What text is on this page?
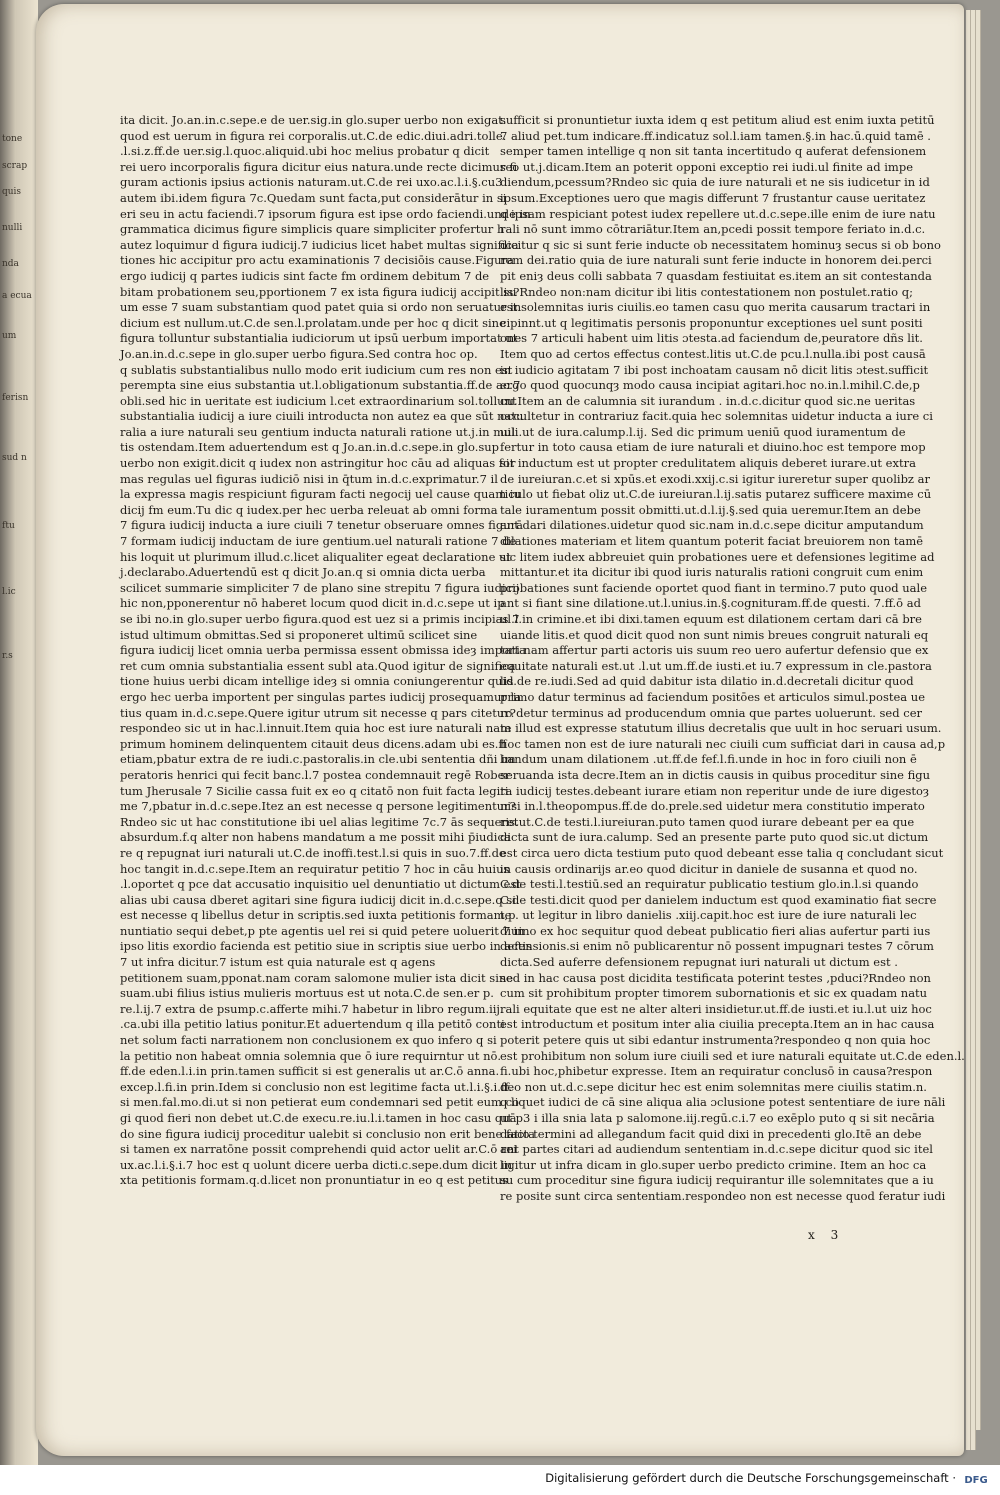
tone
scrap
quis
nulli
nda
a ecua
um
ferisn
sud n
ftu
l.ic
r.s

ita dicit. Jo.an.in.c.sepe.e de uer.sig.in glo.super uerbo non exigat.

quod est uerum in figura rei corporalis.ut.C.de edic.diui.adri.tolle.

.l.si.z.ff.de uer.sig.l.quoc.aliquid.ubi hoc melius probatur q dicit

rei uero incorporalis figura dicitur eius natura.unde recte dicimus fi

guram actionis ipsius actionis naturam.ut.C.de rei uxo.ac.l.i.§.cu3

autem ibi.idem figura 7c.Quedam sunt facta,put considerātur in si

eri seu in actu faciendi.7 ipsorum figura est ipse ordo faciendi.unde in

grammatica dicimus figure simplicis quare simpliciter profertur h

autez loquimur d figura iudicij.7 iudicius licet habet multas significa

tiones hic accipitur pro actu examinationis 7 decisiōis cause.Figura

ergo iudicij q partes iudicis sint facte fm ordinem debitum 7 de

bitam probationem seu,pportionem 7 ex ista figura iudicij accipit su

um esse 7 suam substantiam quod patet quia si ordo non seruatur in

dicium est nullum.ut.C.de sen.l.prolatam.unde per hoc q dicit sine

figura tolluntur substantialia iudiciorum ut ipsū uerbum importat ut

Jo.an.in.d.c.sepe in glo.super uerbo figura.Sed contra hoc op.

q sublatis substantialibus nullo modo erit iudicium cum res non est

perempta sine eius substantia ut.l.obligationum substantia.ff.de ac.7

obli.sed hic in ueritate est iudicium l.cet extraordinarium sol.tollunt

substantialia iudicij a iure ciuili introducta non autez ea que sūt natu

ralia a iure naturali seu gentium inducta naturali ratione ut.j.in mul

tis ostendam.Item aduertendum est q Jo.an.in.d.c.sepe.in glo.sup

uerbo non exigit.dicit q iudex non astringitur hoc cāu ad aliquas for

mas regulas uel figuras iudiciō nisi in q̄tum in.d.c.exprimatur.7 il

la expressa magis respiciunt figuram facti negocij uel cause quam iu

dicij fm eum.Tu dic q iudex.per hec uerba releuat ab omni forma

7 figura iudicij inducta a iure ciuili 7 tenetur obseruare omnes figurā

7 formam iudicij inductam de iure gentium.uel naturali ratione 7 de

his loquit ut plurimum illud.c.licet aliqualiter egeat declaratione ut

j.declarabo.Aduertendū est q dicit Jo.an.q si omnia dicta uerba

scilicet summarie simpliciter 7 de plano sine strepitu 7 figura iudicij

hic non,pponerentur nō haberet locum quod dicit in.d.c.sepe ut ip

se ibi no.in glo.super uerbo figura.quod est uez si a primis incipias 7

istud ultimum obmittas.Sed si proponeret ultimū scilicet sine

figura iudicij licet omnia uerba permissa essent obmissa ideȝ importa

ret cum omnia substantialia essent subl ata.Quod igitur de significa

tione huius uerbi dicam intellige ideȝ si omnia coniungerentur quid

ergo hec uerba importent per singulas partes iudicij prosequamur la

tius quam in.d.c.sepe.Quere igitur utrum sit necesse q pars citetur?

respondeo sic ut in hac.l.innuit.Item quia hoc est iure naturali nam

primum hominem delinquentem citauit deus dicens.adam ubi es.ff

etiam,pbatur extra de re iudi.c.pastoralis.in cle.ubi sententia dñi im

peratoris henrici qui fecit banc.l.7 postea condemnauit regē Rober

tum Jherusale 7 Sicilie cassa fuit ex eo q citatō non fuit facta legiti

me 7,pbatur in.d.c.sepe.Itez an est necesse q persone legitimentur?

Rndeo sic ut hac constitutione ibi uel alias legitime 7c.7 ās sequeret

absurdum.f.q alter non habens mandatum a me possit mihi p̄iudica

re q repugnat iuri naturali ut.C.de inoffi.test.l.si quis in suo.7.ff.de

hoc tangit in.d.c.sepe.Item an requiratur petitio 7 hoc in cāu huius

.l.oportet q pce dat accusatio inquisitio uel denuntiatio ut dictum est

alias ubi causa dberet agitari sine figura iudicij dicit in.d.c.sepe.q si

est necesse q libellus detur in scriptis.sed iuxta petitionis formam,p

nuntiatio sequi debet,p pte agentis uel rei si quid petere uoluerit 7 in

ipso litis exordio facienda est petitio siue in scriptis siue uerbo in actis

7 ut infra dicitur.7 istum est quia naturale est q agens

petitionem suam,pponat.nam coram salomone mulier ista dicit sine

suam.ubi filius istius mulieris mortuus est ut nota.C.de sen.er p.

re.l.ij.7 extra de psump.c.afferte mihi.7 habetur in libro regum.iij.

.ca.ubi illa petitio latius ponitur.Et aduertendum q illa petitō conti

net solum facti narrationem non conclusionem ex quo infero q si

la petitio non habeat omnia solemnia que ō iure requirntur ut nō.

ff.de eden.l.i.in prin.tamen sufficit si est generalis ut ar.C.ō anna.

excep.l.fi.in prin.Idem si conclusio non est legitime facta ut.l.i.§.i.ff.

si men.fal.mo.di.ut si non petierat eum condemnari sed petit eum co

gi quod fieri non debet ut.C.de execu.re.iu.l.i.tamen in hoc casu quā

do sine figura iudicij proceditur ualebit si conclusio non erit bene facta

si tamen ex narratōne possit comprehendi quid actor uelit ar.C.ō rei

ux.ac.l.i.§.i.7 hoc est q uolunt dicere uerba dicti.c.sepe.dum dicit in

xta petitionis formam.q.d.licet non pronuntiatur in eo q est petitus

sufficit si pronuntietur iuxta idem q est petitum aliud est enim iuxta petitū

7 aliud pet.tum indicare.ff.indicatuz sol.l.iam tamen.§.in hac.ū.quid tamē .

semper tamen intellige q non sit tanta incertitudo q auferat defensionem

reo ut.j.dicam.Item an poterit opponi exceptio rei iudi.ul finite ad impe

diendum,pcessum?Rndeo sic quia de iure naturali et ne sis iudicetur in id

ipsum.Exceptiones uero que magis differunt 7 frustantur cause ueritatez

q ipsam respiciant potest iudex repellere ut.d.c.sepe.ille enim de iure natu

rali nō sunt immo cōtrariātur.Item an,pcedi possit tempore feriato in.d.c.

dicitur q sic si sunt ferie inducte ob necessitatem hominuȝ secus si ob bono

rem dei.ratio quia de iure naturali sunt ferie inducte in honorem dei.perci

pit eniȝ deus colli sabbata 7 quasdam festiuitat es.item an sit contestanda

lis?Rndeo non:nam dicitur ibi litis contestationem non postulet.ratio q;

est solemnitas iuris ciuilis.eo tamen casu quo merita causarum tractari in

cipinnt.ut q legitimatis personis proponuntur exceptiones uel sunt positi

ones 7 articuli habent uim litis ɔtesta.ad faciendum de,peuratore dñs lit.

Item quo ad certos effectus contest.litis ut.C.de pcu.l.nulla.ibi post causā

in iudicio agitatam 7 ibi post inchoatam causam nō dicit litis ɔtest.sufficit

ergo quod quocunqȝ modo causa incipiat agitari.hoc no.in.l.mihil.C.de,p

cu.Item an de calumnia sit iurandum . in.d.c.dicitur quod sic.ne ueritas

occultetur in contrariuz facit.quia hec solemnitas uidetur inducta a iure ci

uili.ut de iura.calump.l.ij. Sed dic primum ueniū quod iuramentum de

fertur in toto causa etiam de iure naturali et diuino.hoc est tempore mop

sit inductum est ut propter credulitatem aliquis deberet iurare.ut extra

de iureiuran.c.et si xpūs.et exodi.xxij.c.si igitur iureretur super quolibz ar

ticulo ut fiebat oliz ut.C.de iureiuran.l.ij.satis putarez sufficere maxime cū

tale iuramentum possit obmitti.ut.d.l.ij.§.sed quia ueremur.Item an debe

ant dari dilationes.uidetur quod sic.nam in.d.c.sepe dicitur amputandum

dilationes materiam et litem quantum poterit faciat breuiorem non tamē

sic litem iudex abbreuiet quin probationes uere et defensiones legitime ad

mittantur.et ita dicitur ibi quod iuris naturalis rationi congruit cum enim

probationes sunt faciende oportet quod fiant in termino.7 puto quod uale

ant si fiant sine dilatione.ut.l.unius.in.§.cognituram.ff.de questi. 7.ff.ō ad

ul.l.in crimine.et ibi dixi.tamen equum est dilationem certam dari cā bre

uiande litis.et quod dicit quod non sunt nimis breues congruit naturali eq

tati nam affertur parti actoris uis suum reo uero aufertur defensio que ex

equitate naturali est.ut .l.ut um.ff.de iusti.et iu.7 expressum in cle.pastora

lis.de re.iudi.Sed ad quid dabitur ista dilatio in.d.decretali dicitur quod

primo datur terminus ad faciendum positōes et articulos simul.postea ue

ro detur terminus ad producendum omnia que partes uoluerunt. sed cer

te illud est expresse statutum illius decretalis que uult in hoc seruari usum.

hoc tamen non est de iure naturali nec ciuili cum sufficiat dari in causa ad,p

bandum unam dilationem .ut.ff.de fef.l.fi.unde in hoc in foro ciuili non ē

seruanda ista decre.Item an in dictis causis in quibus proceditur sine figu

ra iudicij testes.debeant iurare etiam non reperitur unde de iure digestoȝ

nisi in.l.theopompus.ff.de do.prele.sed uidetur mera constitutio imperato

ris.ut.C.de testi.l.iureiuran.puto tamen quod iurare debeant per ea que

dicta sunt de iura.calump. Sed an presente parte puto quod sic.ut dictum

est circa uero dicta testium puto quod debeant esse talia q concludant sicut

in causis ordinarijs ar.eo quod dicitur in daniele de susanna et quod no.

C.de testi.l.testiū.sed an requiratur publicatio testium glo.in.l.si quando

C.de testi.dicit quod per danielem inductum est quod examinatio fiat secre

te . ut legitur in libro danielis .xiij.capit.hoc est iure de iure naturali lec

diuino ex hoc sequitur quod debeat publicatio fieri alias aufertur parti ius

defensionis.si enim nō publicarentur nō possent impugnari testes 7 cōrum

dicta.Sed auferre defensionem repugnat iuri naturali ut dictum est .

sed in hac causa post dicidita testificata poterint testes ,pduci?Rndeo non

cum sit prohibitum propter timorem subornationis et sic ex quadam natu

rali equitate que est ne alter alteri insidietur.ut.ff.de iusti.et iu.l.ut uiz hoc

est introductum et positum inter alia ciuilia precepta.Item an in hac causa

poterit petere quis ut sibi edantur instrumenta?respondeo q non quia hoc

est prohibitum non solum iure ciuili sed et iure naturali equitate ut.C.de eden.l.

fi.ubi hoc,phibetur expresse. Item an requiratur conclusō in causa?respon

deo non ut.d.c.sepe dicitur hec est enim solemnitas mere ciuilis statim.n.

q liquet iudici de cā sine aliqua alia ɔclusione potest sententiare de iure nāli

ut p3 i illa snia lata p salomone.iij.regū.c.i.7 eo exēplo puto q si sit necāria

datio termini ad allegandum facit quid dixi in precedenti glo.Itē an debe

ant partes citari ad audiendum sententiam in.d.c.sepe dicitur quod sic itel

ligitur ut infra dicam in glo.super uerbo predicto crimine. Item an hoc ca

su cum proceditur sine figura iudicij requirantur ille solemnitates que a iu

re posite sunt circa sententiam.respondeo non est necesse quod feratur iudi

x 3
Digitalisierung gefördert durch die Deutsche Forschungsgemeinschaft · DFG
